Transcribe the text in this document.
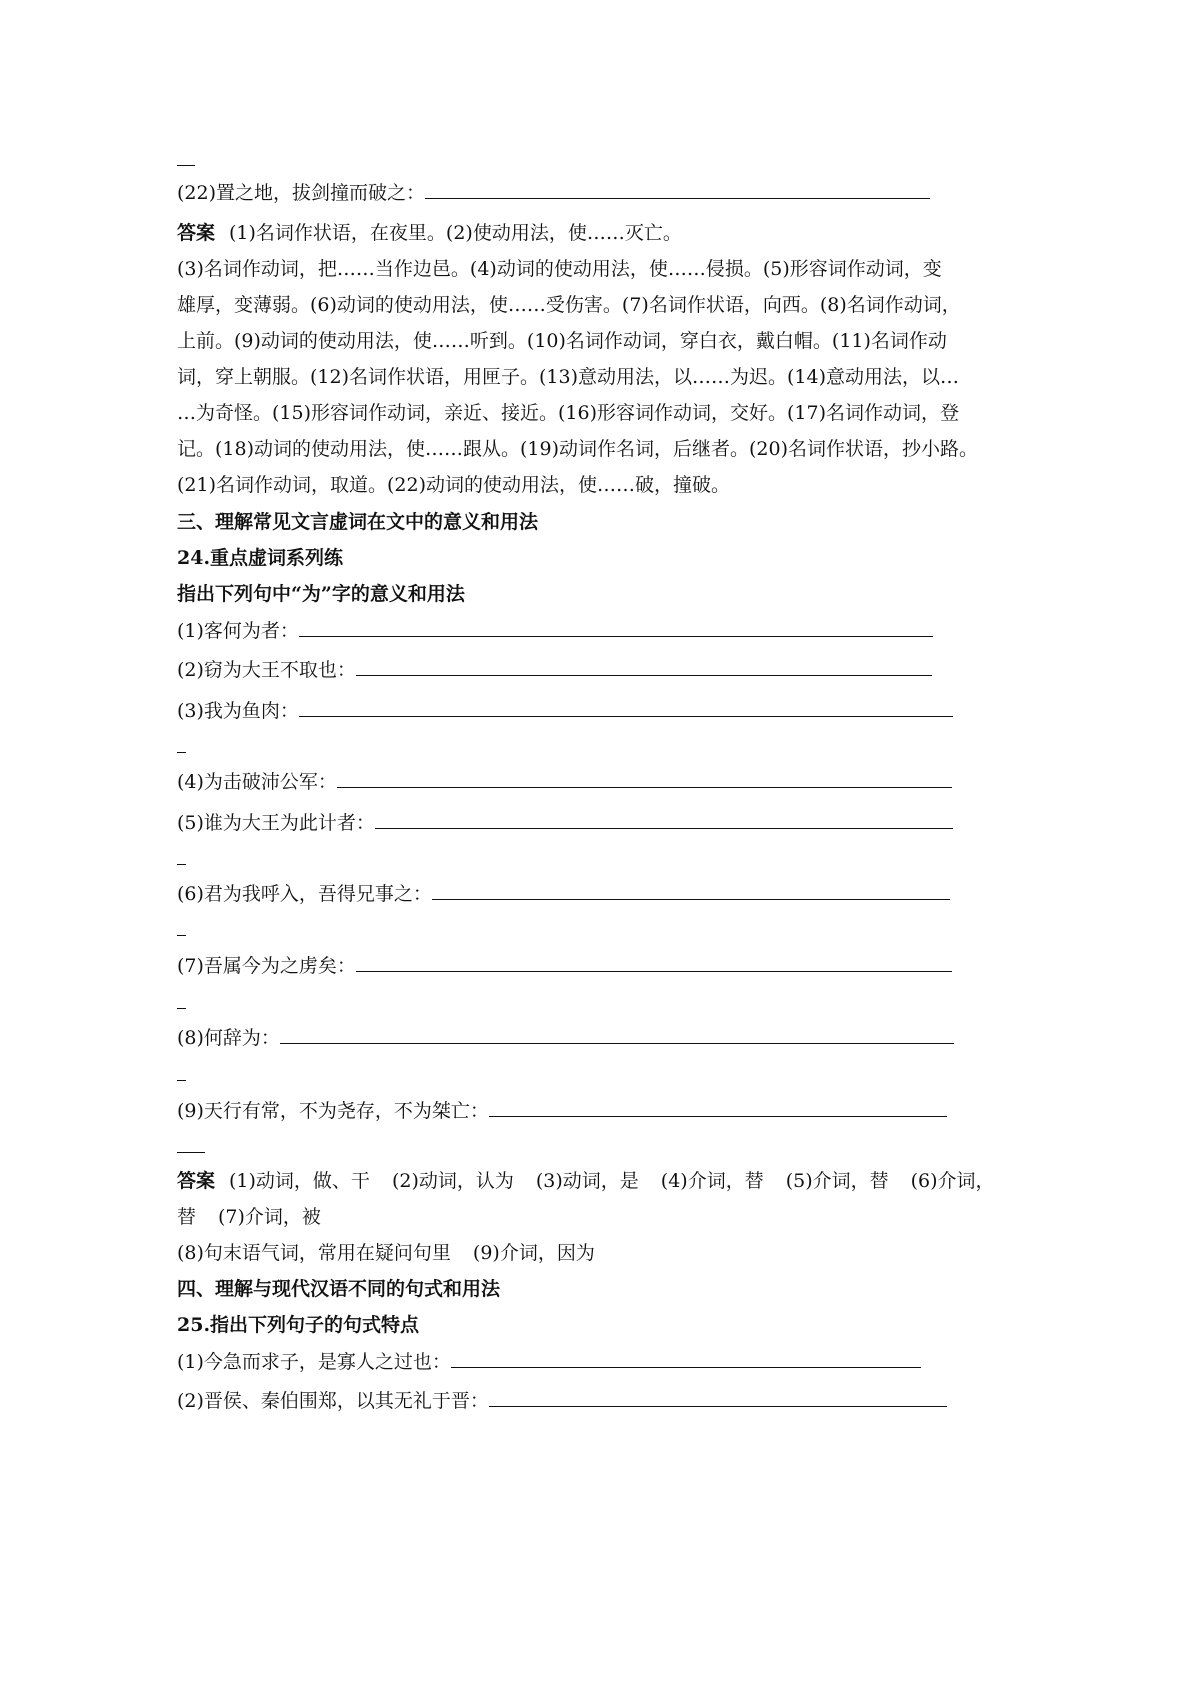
(22)置之地，拔剑撞而破之：
答案 (1)名词作状语，在夜里。(2)使动用法，使……灭亡。
(3)名词作动词，把……当作边邑。(4)动词的使动用法，使……侵损。(5)形容词作动词，变
雄厚，变薄弱。(6)动词的使动用法，使……受伤害。(7)名词作状语，向西。(8)名词作动词，
上前。(9)动词的使动用法，使……听到。(10)名词作动词，穿白衣，戴白帽。(11)名词作动
词，穿上朝服。(12)名词作状语，用匣子。(13)意动用法，以……为迟。(14)意动用法，以…
…为奇怪。(15)形容词作动词，亲近、接近。(16)形容词作动词，交好。(17)名词作动词，登
记。(18)动词的使动用法，使……跟从。(19)动词作名词，后继者。(20)名词作状语，抄小路。
(21)名词作动词，取道。(22)动词的使动用法，使……破，撞破。
三、理解常见文言虚词在文中的意义和用法
24.重点虚词系列练
指出下列句中“为”字的意义和用法
(1)客何为者：
(2)窃为大王不取也：
(3)我为鱼肉：
(4)为击破沛公军：
(5)谁为大王为此计者：
(6)君为我呼入，吾得兄事之：
(7)吾属今为之虏矣：
(8)何辞为：
(9)天行有常，不为尧存，不为桀亡：
答案 (1)动词，做、干 (2)动词，认为 (3)动词，是 (4)介词，替 (5)介词，替 (6)介词，
替 (7)介词，被
(8)句末语气词，常用在疑问句里 (9)介词，因为
四、理解与现代汉语不同的句式和用法
25.指出下列句子的句式特点
(1)今急而求子，是寡人之过也：
(2)晋侯、秦伯围郑，以其无礼于晋：
